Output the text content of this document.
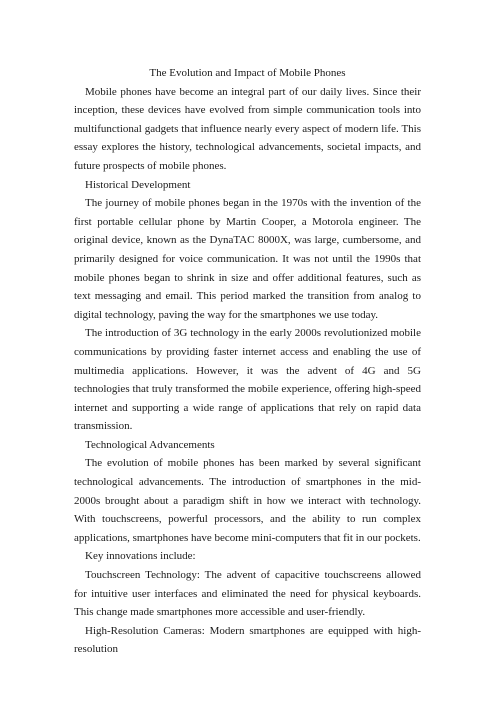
The Evolution and Impact of Mobile Phones

Mobile phones have become an integral part of our daily lives. Since their inception, these devices have evolved from simple communication tools into multifunctional gadgets that influence nearly every aspect of modern life. This essay explores the history, technological advancements, societal impacts, and future prospects of mobile phones.

Historical Development

The journey of mobile phones began in the 1970s with the invention of the first portable cellular phone by Martin Cooper, a Motorola engineer. The original device, known as the DynaTAC 8000X, was large, cumbersome, and primarily designed for voice communication. It was not until the 1990s that mobile phones began to shrink in size and offer additional features, such as text messaging and email. This period marked the transition from analog to digital technology, paving the way for the smartphones we use today.

The introduction of 3G technology in the early 2000s revolutionized mobile communications by providing faster internet access and enabling the use of multimedia applications. However, it was the advent of 4G and 5G technologies that truly transformed the mobile experience, offering high-speed internet and supporting a wide range of applications that rely on rapid data transmission.

Technological Advancements

The evolution of mobile phones has been marked by several significant technological advancements. The introduction of smartphones in the mid-2000s brought about a paradigm shift in how we interact with technology. With touchscreens, powerful processors, and the ability to run complex applications, smartphones have become mini-computers that fit in our pockets.

Key innovations include:

Touchscreen Technology: The advent of capacitive touchscreens allowed for intuitive user interfaces and eliminated the need for physical keyboards. This change made smartphones more accessible and user-friendly.

High-Resolution Cameras: Modern smartphones are equipped with high-resolution
